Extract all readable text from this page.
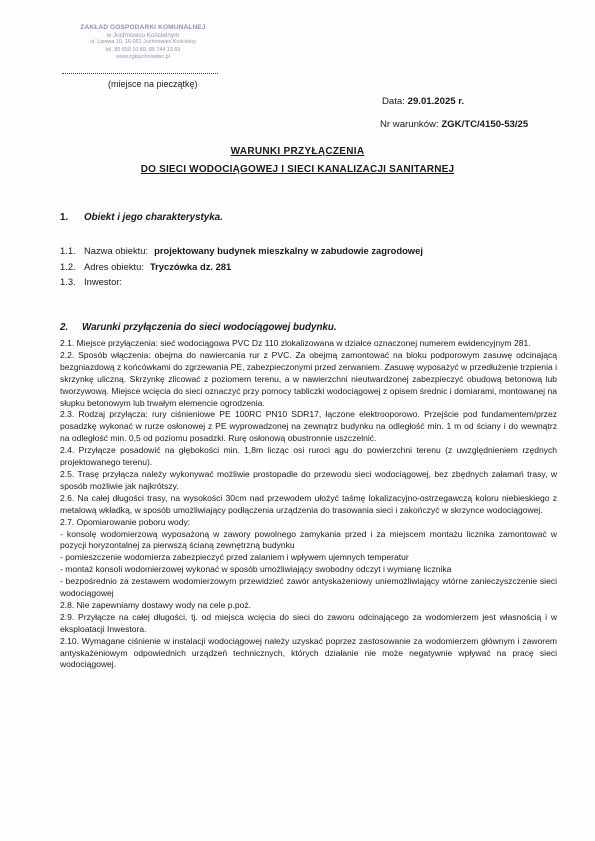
ZAKŁAD GOSPODARKI KOMUNALNEJ
w Juchnowcu Kościelnym
ul. Lipowa 10, 16-061 Juchnowiec Kościelny
tel. 85 650 10 89, 85 744 13 69
www.zgkjuchnowiec.pl
(miejsce na pieczątkę)
Data: 29.01.2025 r.
Nr warunków: ZGK/TC/4150-53/25
WARUNKI PRZYŁĄCZENIA
DO SIECI WODOCIĄGOWEJ I SIECI KANALIZACJI SANITARNEJ
1. Obiekt i jego charakterystyka.
1.1. Nazwa obiektu: projektowany budynek mieszkalny w zabudowie zagrodowej
1.2. Adres obiektu: Tryczówka dz. 281
1.3. Inwestor:
2. Warunki przyłączenia do sieci wodociągowej budynku.

2.1. Miejsce przyłączenia: sieć wodociągowa PVC Dz 110 zlokalizowana w działce oznaczonej numerem ewidencyjnym 281.

2.2. Sposób włączenia: obejma do nawiercania rur z PVC. Za obejmą zamontować na bloku podporowym zasuwę odcinającą bezgniazdową z końcówkami do zgrzewania PE, zabezpieczonymi przed zerwaniem. Zasuwę wyposażyć w przedłużenie trzpienia i skrzynkę uliczną. Skrzynkę zlicować z poziomem terenu, a w nawierzchni nieutwardzonej zabezpieczyć obudową betonową lub tworzywową. Miejsce wcięcia do sieci oznaczyć przy pomocy tabliczki wodociągowej z opisem średnic i domiarami, montowanej na słupku betonowym lub trwałym elemencie ogrodzenia.

2.3. Rodzaj przyłącza: rury ciśnieniowe PE 100RC PN10 SDR17, łączone elektrooporowo. Przejście pod fundamentem/przez posadzkę wykonać w rurze osłonowej z PE wyprowadzonej na zewnątrz budynku na odległość min. 1 m od ściany i do wewnątrz na odległość min. 0,5 od poziomu posadzki. Rurę osłonową obustronnie uszczelnić.

2.4. Przyłącze posadowić na głębokości min. 1,8m licząc osi ruroci ągu do powierzchni terenu (z uwzględnieniem rzędnych projektowanego terenu).

2.5. Trasę przyłącza należy wykonywać możliwie prostopadle do przewodu sieci wodociągowej, bez zbędnych załamań trasy, w sposób możliwie jak najkrótszy.

2.6. Na całej długości trasy, na wysokości 30cm nad przewodem ułożyć taśmę lokalizacyjno-ostrzegawczą koloru niebieskiego z metalową wkładką, w sposób umożliwiający podłączenia urządzenia do trasowania sieci i zakończyć w skrzynce wodociągowej.

2.7. Opomiarowanie poboru wody:

- konsolę wodomierzową wyposażoną w zawory powolnego zamykania przed i za miejscem montażu licznika zamontować w pozycji horyzontalnej za pierwszą ścianą zewnętrzną budynku

- pomieszczenie wodomierza zabezpieczyć przed zalaniem i wpływem ujemnych temperatur

- montaż konsoli wodomierzowej wykonać w sposób umożliwiający swobodny odczyt i wymianę licznika

- bezpośrednio za zestawem wodomierzowym przewidzieć zawór antyskażeniowy uniemożliwiający wtórne zanieczyszczenie sieci wodociągowej

2.8. Nie zapewniamy dostawy wody na cele p.poż.

2.9. Przyłącze na całej długości, tj. od miejsca wcięcia do sieci do zaworu odcinającego za wodomierzem jest własnością i w eksploatacji Inwestora.

2.10. Wymagane ciśnienie w instalacji wodociągowej należy uzyskać poprzez zastosowanie za wodomierzem głównym i zaworem antyskażeniowym odpowiednich urządzeń technicznych, których działanie nie może negatywnie wpływać na pracę sieci wodociągowej.
